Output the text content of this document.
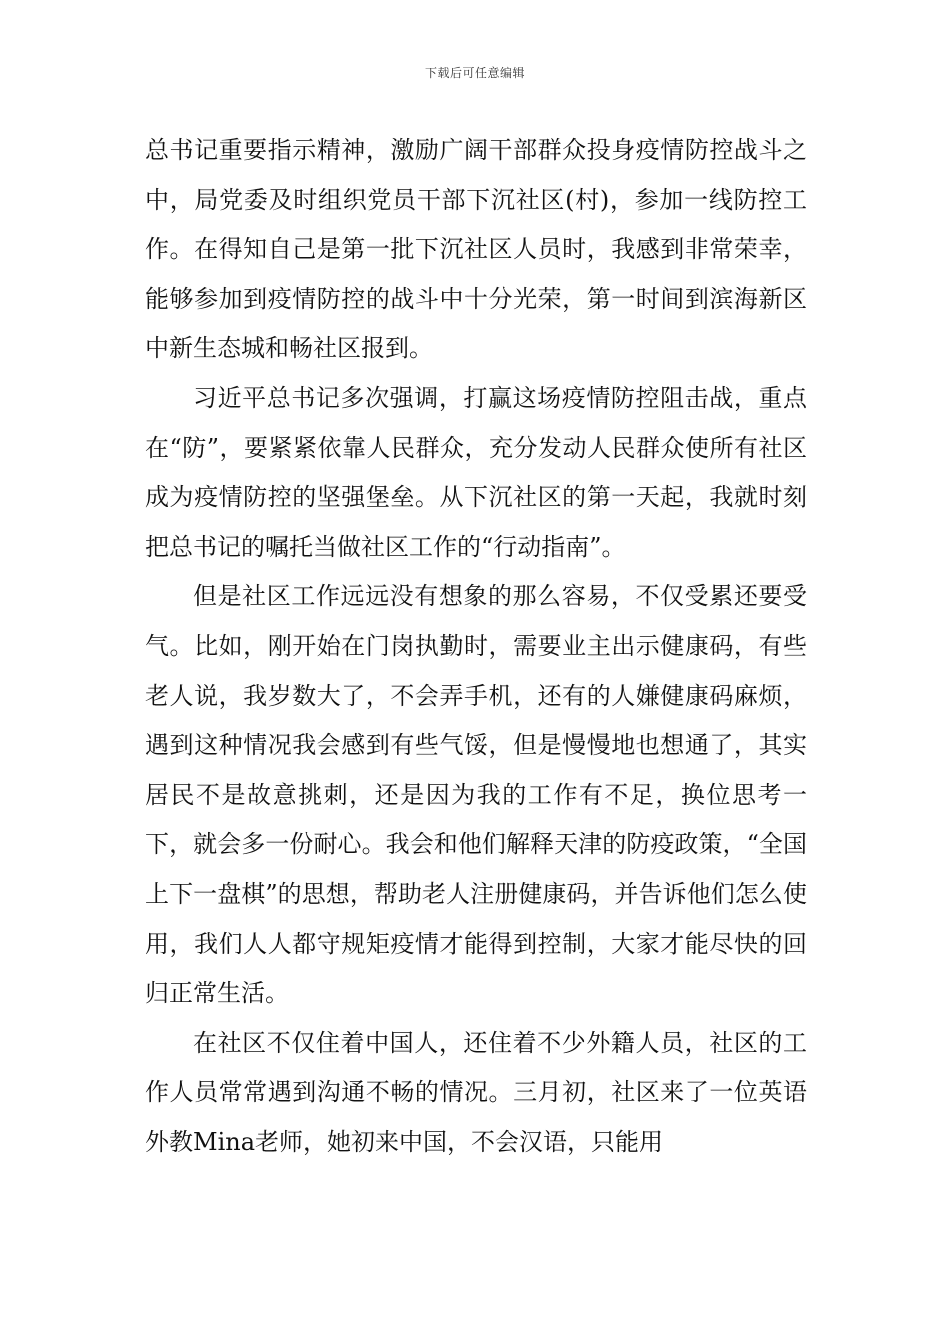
下载后可任意编辑

总书记重要指示精神，激励广阔干部群众投身疫情防控战斗之中，局党委及时组织党员干部下沉社区(村)，参加一线防控工作。在得知自己是第一批下沉社区人员时，我感到非常荣幸，能够参加到疫情防控的战斗中十分光荣，第一时间到滨海新区中新生态城和畅社区报到。

习近平总书记多次强调，打赢这场疫情防控阻击战，重点在“防”，要紧紧依靠人民群众，充分发动人民群众使所有社区成为疫情防控的坚强堡垒。从下沉社区的第一天起，我就时刻把总书记的嘱托当做社区工作的“行动指南”。

但是社区工作远远没有想象的那么容易，不仅受累还要受气。比如，刚开始在门岗执勤时，需要业主出示健康码，有些老人说，我岁数大了，不会弄手机，还有的人嫌健康码麻烦，遇到这种情况我会感到有些气馁，但是慢慢地也想通了，其实居民不是故意挑刺，还是因为我的工作有不足，换位思考一下，就会多一份耐心。我会和他们解释天津的防疫政策，“全国上下一盘棋”的思想，帮助老人注册健康码，并告诉他们怎么使用，我们人人都守规矩疫情才能得到控制，大家才能尽快的回归正常生活。

在社区不仅住着中国人，还住着不少外籍人员，社区的工作人员常常遇到沟通不畅的情况。三月初，社区来了一位英语外教Mina老师，她初来中国，不会汉语，只能用
